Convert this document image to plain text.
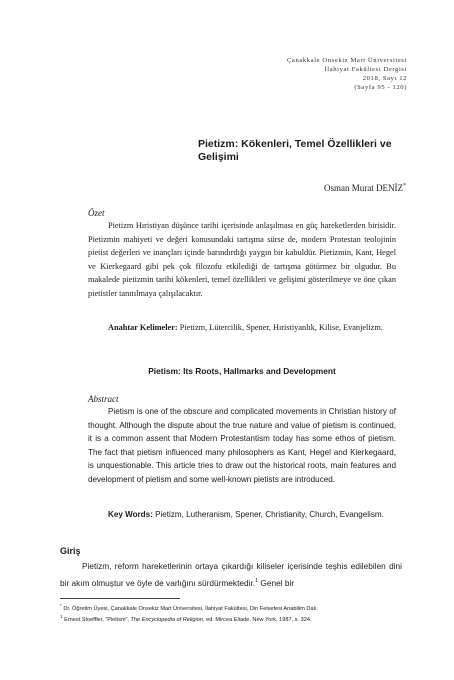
Çanakkale Onsekiz Mart Üniversitesi
İlahiyat Fakültesi Dergisi
2018, Sayı 12
(Sayfa 95 - 120)
Pietizm: Kökenleri, Temel Özellikleri ve Gelişimi
Osman Murat DENİZ*
Özet
Pietizm Hıristiyan düşünce tarihi içerisinde anlaşılması en güç hareketlerden birisidir. Pietizmin mahiyeti ve değeri konusundaki tartışma sürse de, modern Protestan teolojinin pietist değerleri ve inançları içinde barındırdığı yaygın bir kabuldür. Pietizmin, Kant, Hegel ve Kierkegaard gibi pek çok filozofu etkilediği de tartışma götürmez bir olgudur. Bu makalede pietizmin tarihi kökenleri, temel özellikleri ve gelişimi gösterilmeye ve öne çıkan pietistler tanıtılmaya çalışılacaktır.
Anahtar Kelimeler: Pietizm, Lütercilik, Spener, Hıristiyanlık, Kilise, Evanjelizm.
Pietism: Its Roots, Hallmarks and Development
Abstract
Pietism is one of the obscure and complicated movements in Christian history of thought. Although the dispute about the true nature and value of pietism is continued, it is a common assent that Modern Protestantism today has some ethos of pietism. The fact that pietism influenced many philosophers as Kant, Hegel and Kierkegaard, is unquestionable. This article tries to draw out the historical roots, main features and development of pietism and some well-known pietists are introduced.
Key Words: Pietizm, Lutheranism, Spener, Christianity, Church, Evangelism.
Giriş
Pietizm, reform hareketlerinin ortaya çıkardığı kiliseler içerisinde teşhis edilebilen dini bir akım olmuştur ve öyle de varlığını sürdürmektedir.$^1$ Genel bir
* Dr. Öğretim Üyesi, Çanakkale Onsekiz Mart Üniversitesi, İlahiyat Fakültesi, Din Felsefesi Anabilim Dalı.
$^1$ Ernest Stoeffler, “Pietism”, The Encyclopedia of Religion, ed. Mircea Eliade, New York, 1987, s. 324.
